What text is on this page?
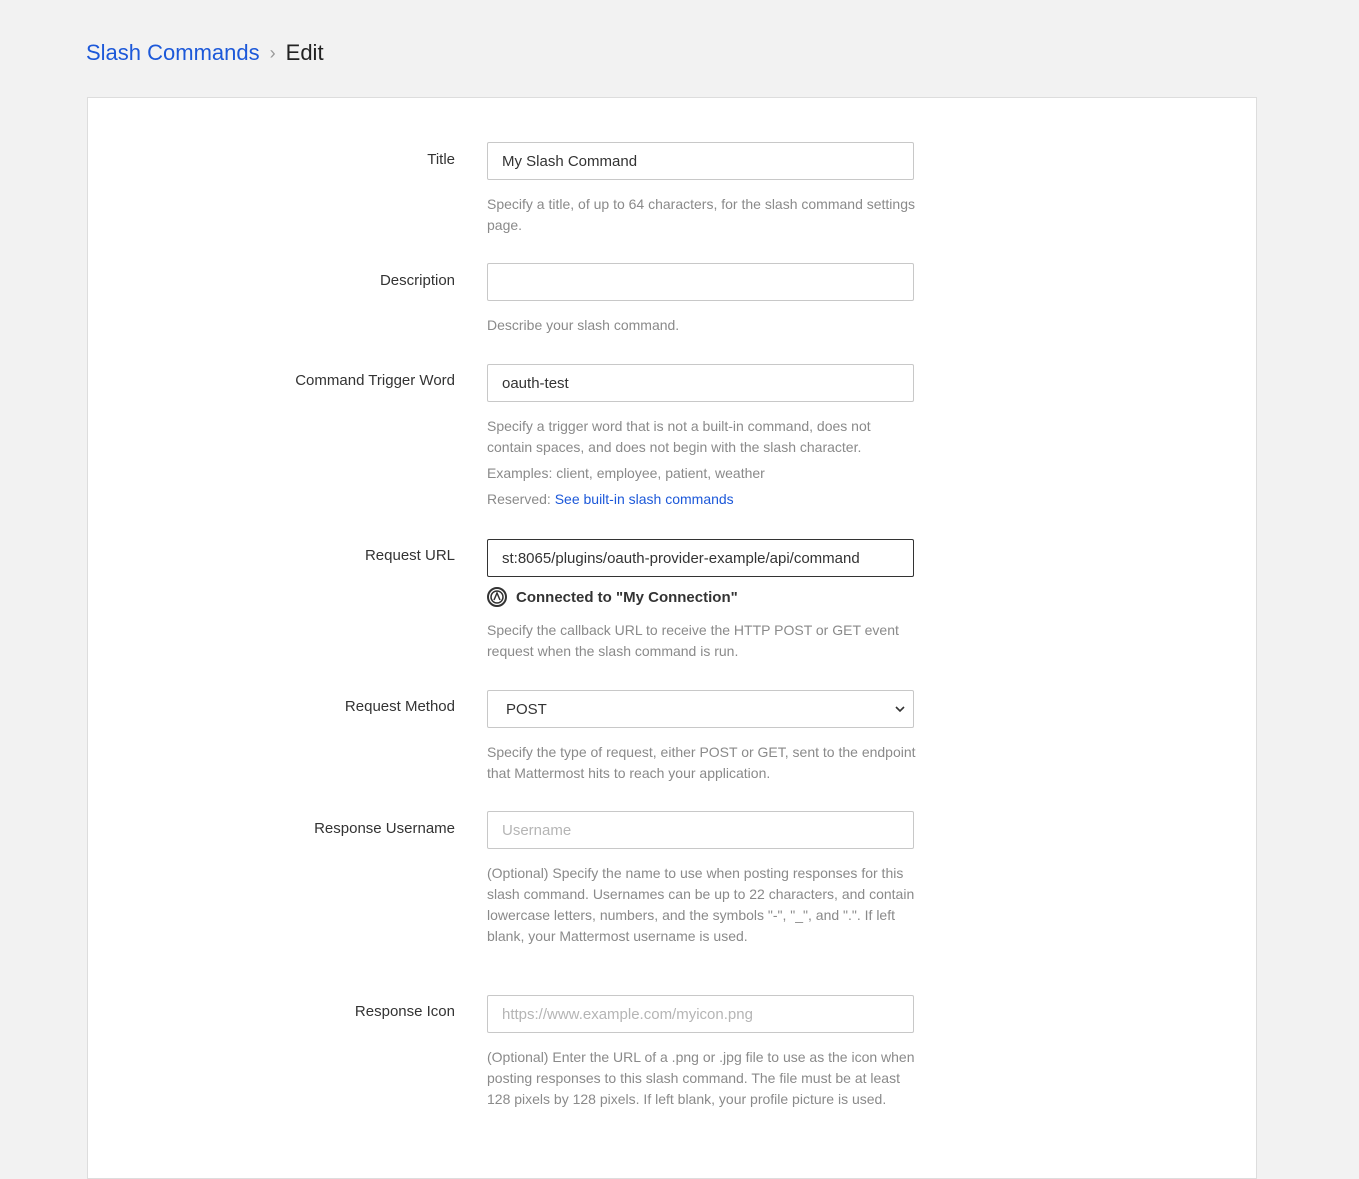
Slash Commands › Edit
Title
My Slash Command
Specify a title, of up to 64 characters, for the slash command settings page.
Description
Describe your slash command.
Command Trigger Word
oauth-test
Specify a trigger word that is not a built-in command, does not contain spaces, and does not begin with the slash character.
Examples: client, employee, patient, weather
Reserved: See built-in slash commands
Request URL
st:8065/plugins/oauth-provider-example/api/command
Connected to "My Connection"
Specify the callback URL to receive the HTTP POST or GET event request when the slash command is run.
Request Method	POST
Specify the type of request, either POST or GET, sent to the endpoint that Mattermost hits to reach your application.
Response Username
Username
(Optional) Specify the name to use when posting responses for this slash command. Usernames can be up to 22 characters, and contain lowercase letters, numbers, and the symbols "-", "_", and ".". If left blank, your Mattermost username is used.
Response Icon
https://www.example.com/myicon.png
(Optional) Enter the URL of a .png or .jpg file to use as the icon when posting responses to this slash command. The file must be at least 128 pixels by 128 pixels. If left blank, your profile picture is used.
